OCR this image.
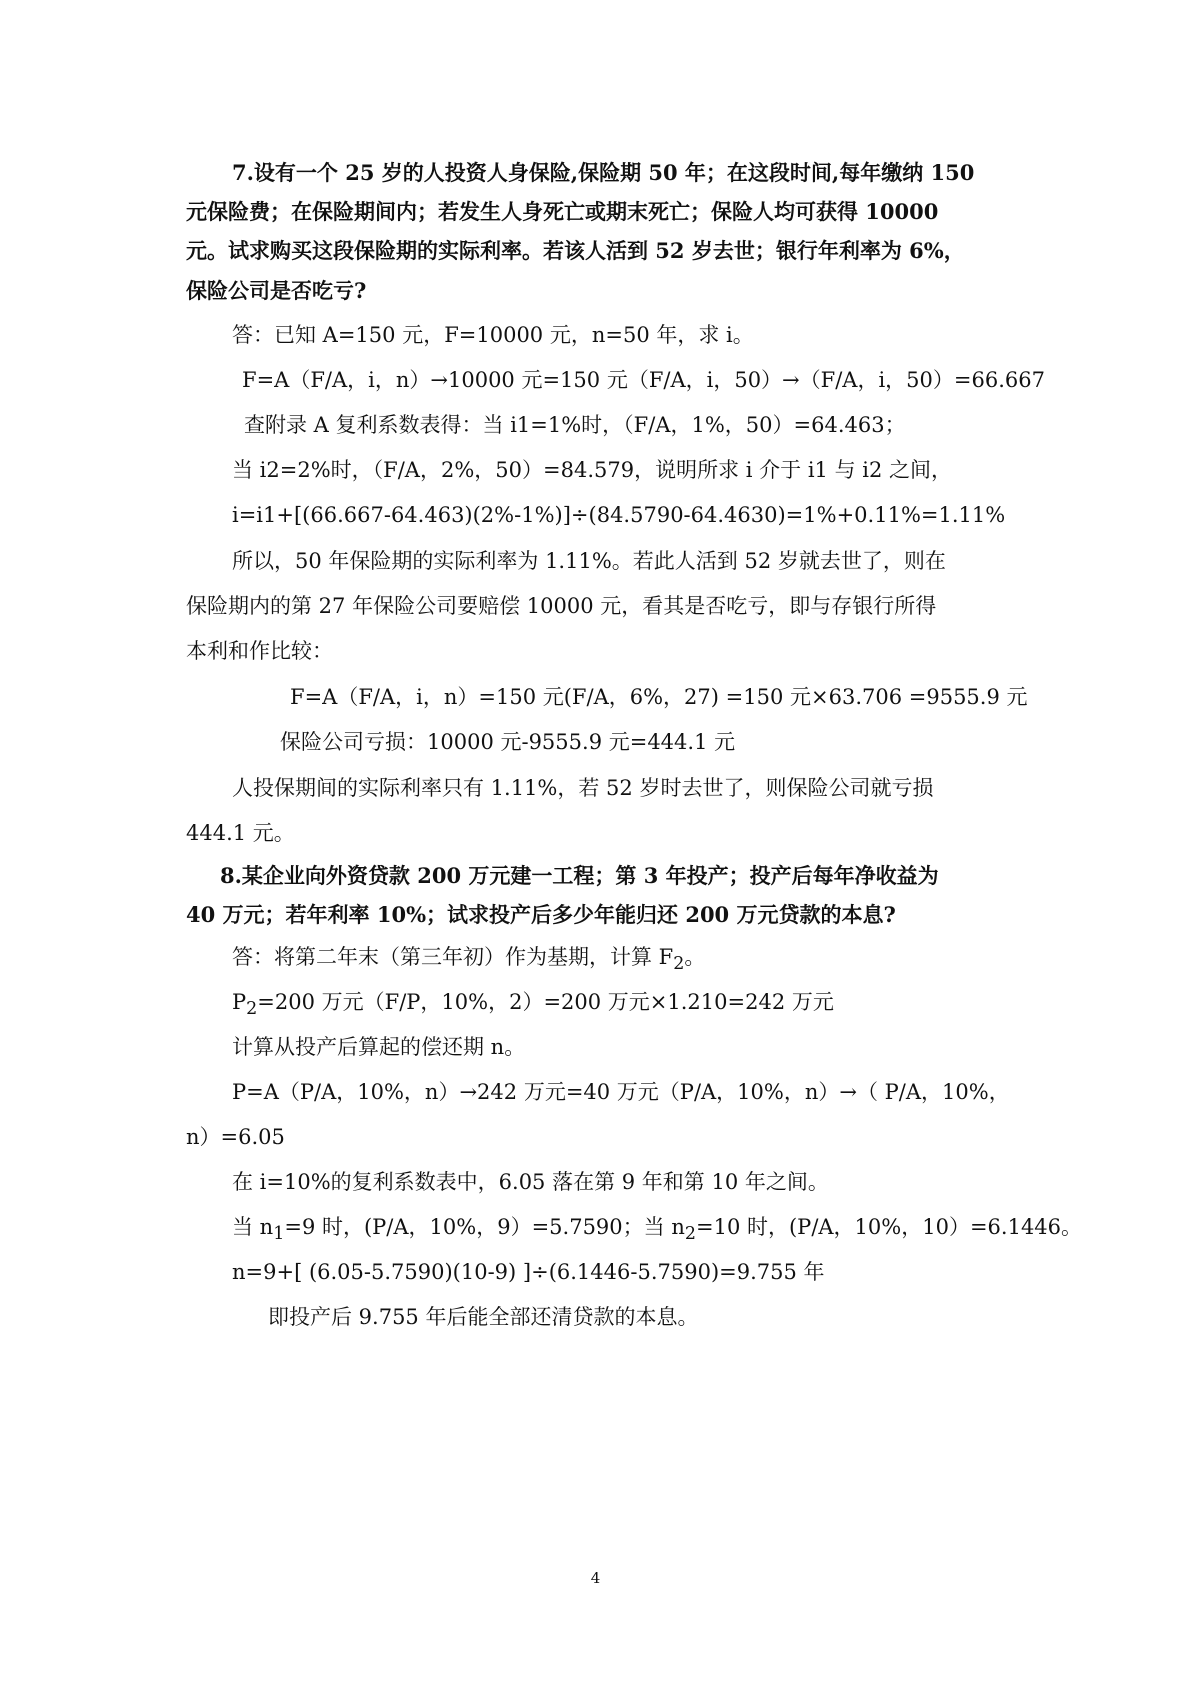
7.设有一个 25 岁的人投资人身保险,保险期 50 年；在这段时间,每年缴纳 150
元保险费；在保险期间内；若发生人身死亡或期末死亡；保险人均可获得 10000
元。试求购买这段保险期的实际利率。若该人活到 52 岁去世；银行年利率为 6%，
保险公司是否吃亏?
答：已知 A=150 元，F=10000 元，n=50 年，求 i。
F=A（F/A，i，n）→10000 元=150 元（F/A，i，50）→（F/A，i，50）=66.667
查附录 A 复利系数表得：当 i1=1%时，（F/A，1%，50）=64.463；
当 i2=2%时，（F/A，2%，50）=84.579，说明所求 i 介于 i1 与 i2 之间，
i=i1+[(66.667-64.463)(2%-1%)]÷(84.5790-64.4630)=1%+0.11%=1.11%
所以，50 年保险期的实际利率为 1.11%。若此人活到 52 岁就去世了，则在
保险期内的第 27 年保险公司要赔偿 10000 元，看其是否吃亏，即与存银行所得
本利和作比较：
F=A（F/A，i，n）=150 元(F/A，6%，27) =150 元×63.706 =9555.9 元
保险公司亏损：10000 元-9555.9 元=444.1 元
人投保期间的实际利率只有 1.11%，若 52 岁时去世了，则保险公司就亏损
444.1 元。
8.某企业向外资贷款 200 万元建一工程；第 3 年投产；投产后每年净收益为
40 万元；若年利率 10%；试求投产后多少年能归还 200 万元贷款的本息?
答：将第二年末（第三年初）作为基期，计算 $F_2$。
$P_2=200$ 万元（F/P，10%，2）=200 万元×1.210=242 万元
计算从投产后算起的偿还期 n。
P=A（P/A，10%，n）→242 万元=40 万元（P/A，10%，n）→（ P/A，10%，
n）=6.05
在 i=10%的复利系数表中，6.05 落在第 9 年和第 10 年之间。
当 $n_1=9$ 时，(P/A，10%，9）=5.7590；当 $n_2=10$ 时，(P/A，10%，10）=6.1446。
n=9+[ (6.05-5.7590)(10-9) ]÷(6.1446-5.7590)=9.755 年
即投产后 9.755 年后能全部还清贷款的本息。
4
